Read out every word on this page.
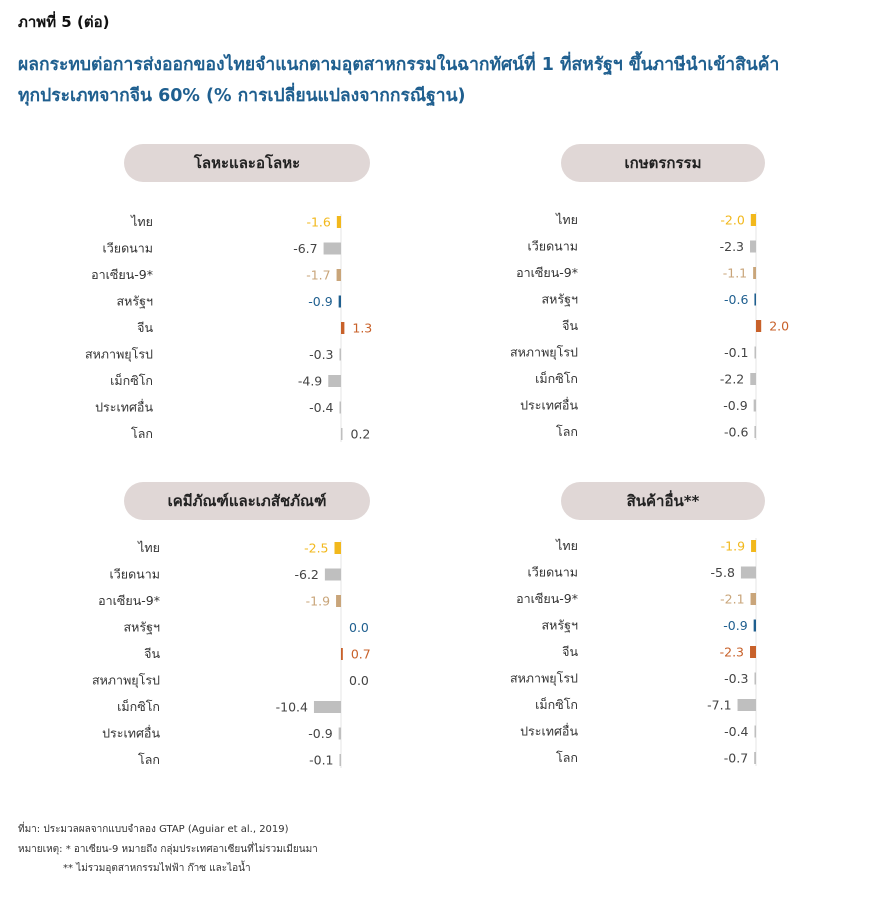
ภาพที่ 5 (ต่อ)
ผลกระทบต่อการส่งออกของไทยจำแนกตามอุตสาหกรรมในฉากทัศน์ที่ 1 ที่สหรัฐฯ ขึ้นภาษีนำเข้าสินค้า
ทุกประเภทจากจีน 60% (% การเปลี่ยนแปลงจากกรณีฐาน)
โลหะและอโลหะ
ไทย	-1.6
เวียดนาม	-6.7
อาเซียน-9*	-1.7
สหรัฐฯ	-0.9
จีน	1.3
สหภาพยุโรป	-0.3
เม็กซิโก	-4.9
ประเทศอื่น	-0.4
โลก	0.2
เกษตรกรรม
ไทย	-2.0
เวียดนาม	-2.3
อาเซียน-9*	-1.1
สหรัฐฯ	-0.6
จีน	2.0
สหภาพยุโรป	-0.1
เม็กซิโก	-2.2
ประเทศอื่น	-0.9
โลก	-0.6
เคมีภัณฑ์และเภสัชภัณฑ์
ไทย	-2.5
เวียดนาม	-6.2
อาเซียน-9*	-1.9
สหรัฐฯ	0.0
จีน	0.7
สหภาพยุโรป	0.0
เม็กซิโก	-10.4
ประเทศอื่น	-0.9
โลก	-0.1
สินค้าอื่น**
ไทย	-1.9
เวียดนาม	-5.8
อาเซียน-9*	-2.1
สหรัฐฯ	-0.9
จีน	-2.3
สหภาพยุโรป	-0.3
เม็กซิโก	-7.1
ประเทศอื่น	-0.4
โลก	-0.7
ที่มา: ประมวลผลจากแบบจำลอง GTAP (Aguiar et al., 2019)
หมายเหตุ: * อาเซียน-9 หมายถึง กลุ่มประเทศอาเซียนที่ไม่รวมเมียนมา
** ไม่รวมอุตสาหกรรมไฟฟ้า ก๊าซ และไอน้ำ
